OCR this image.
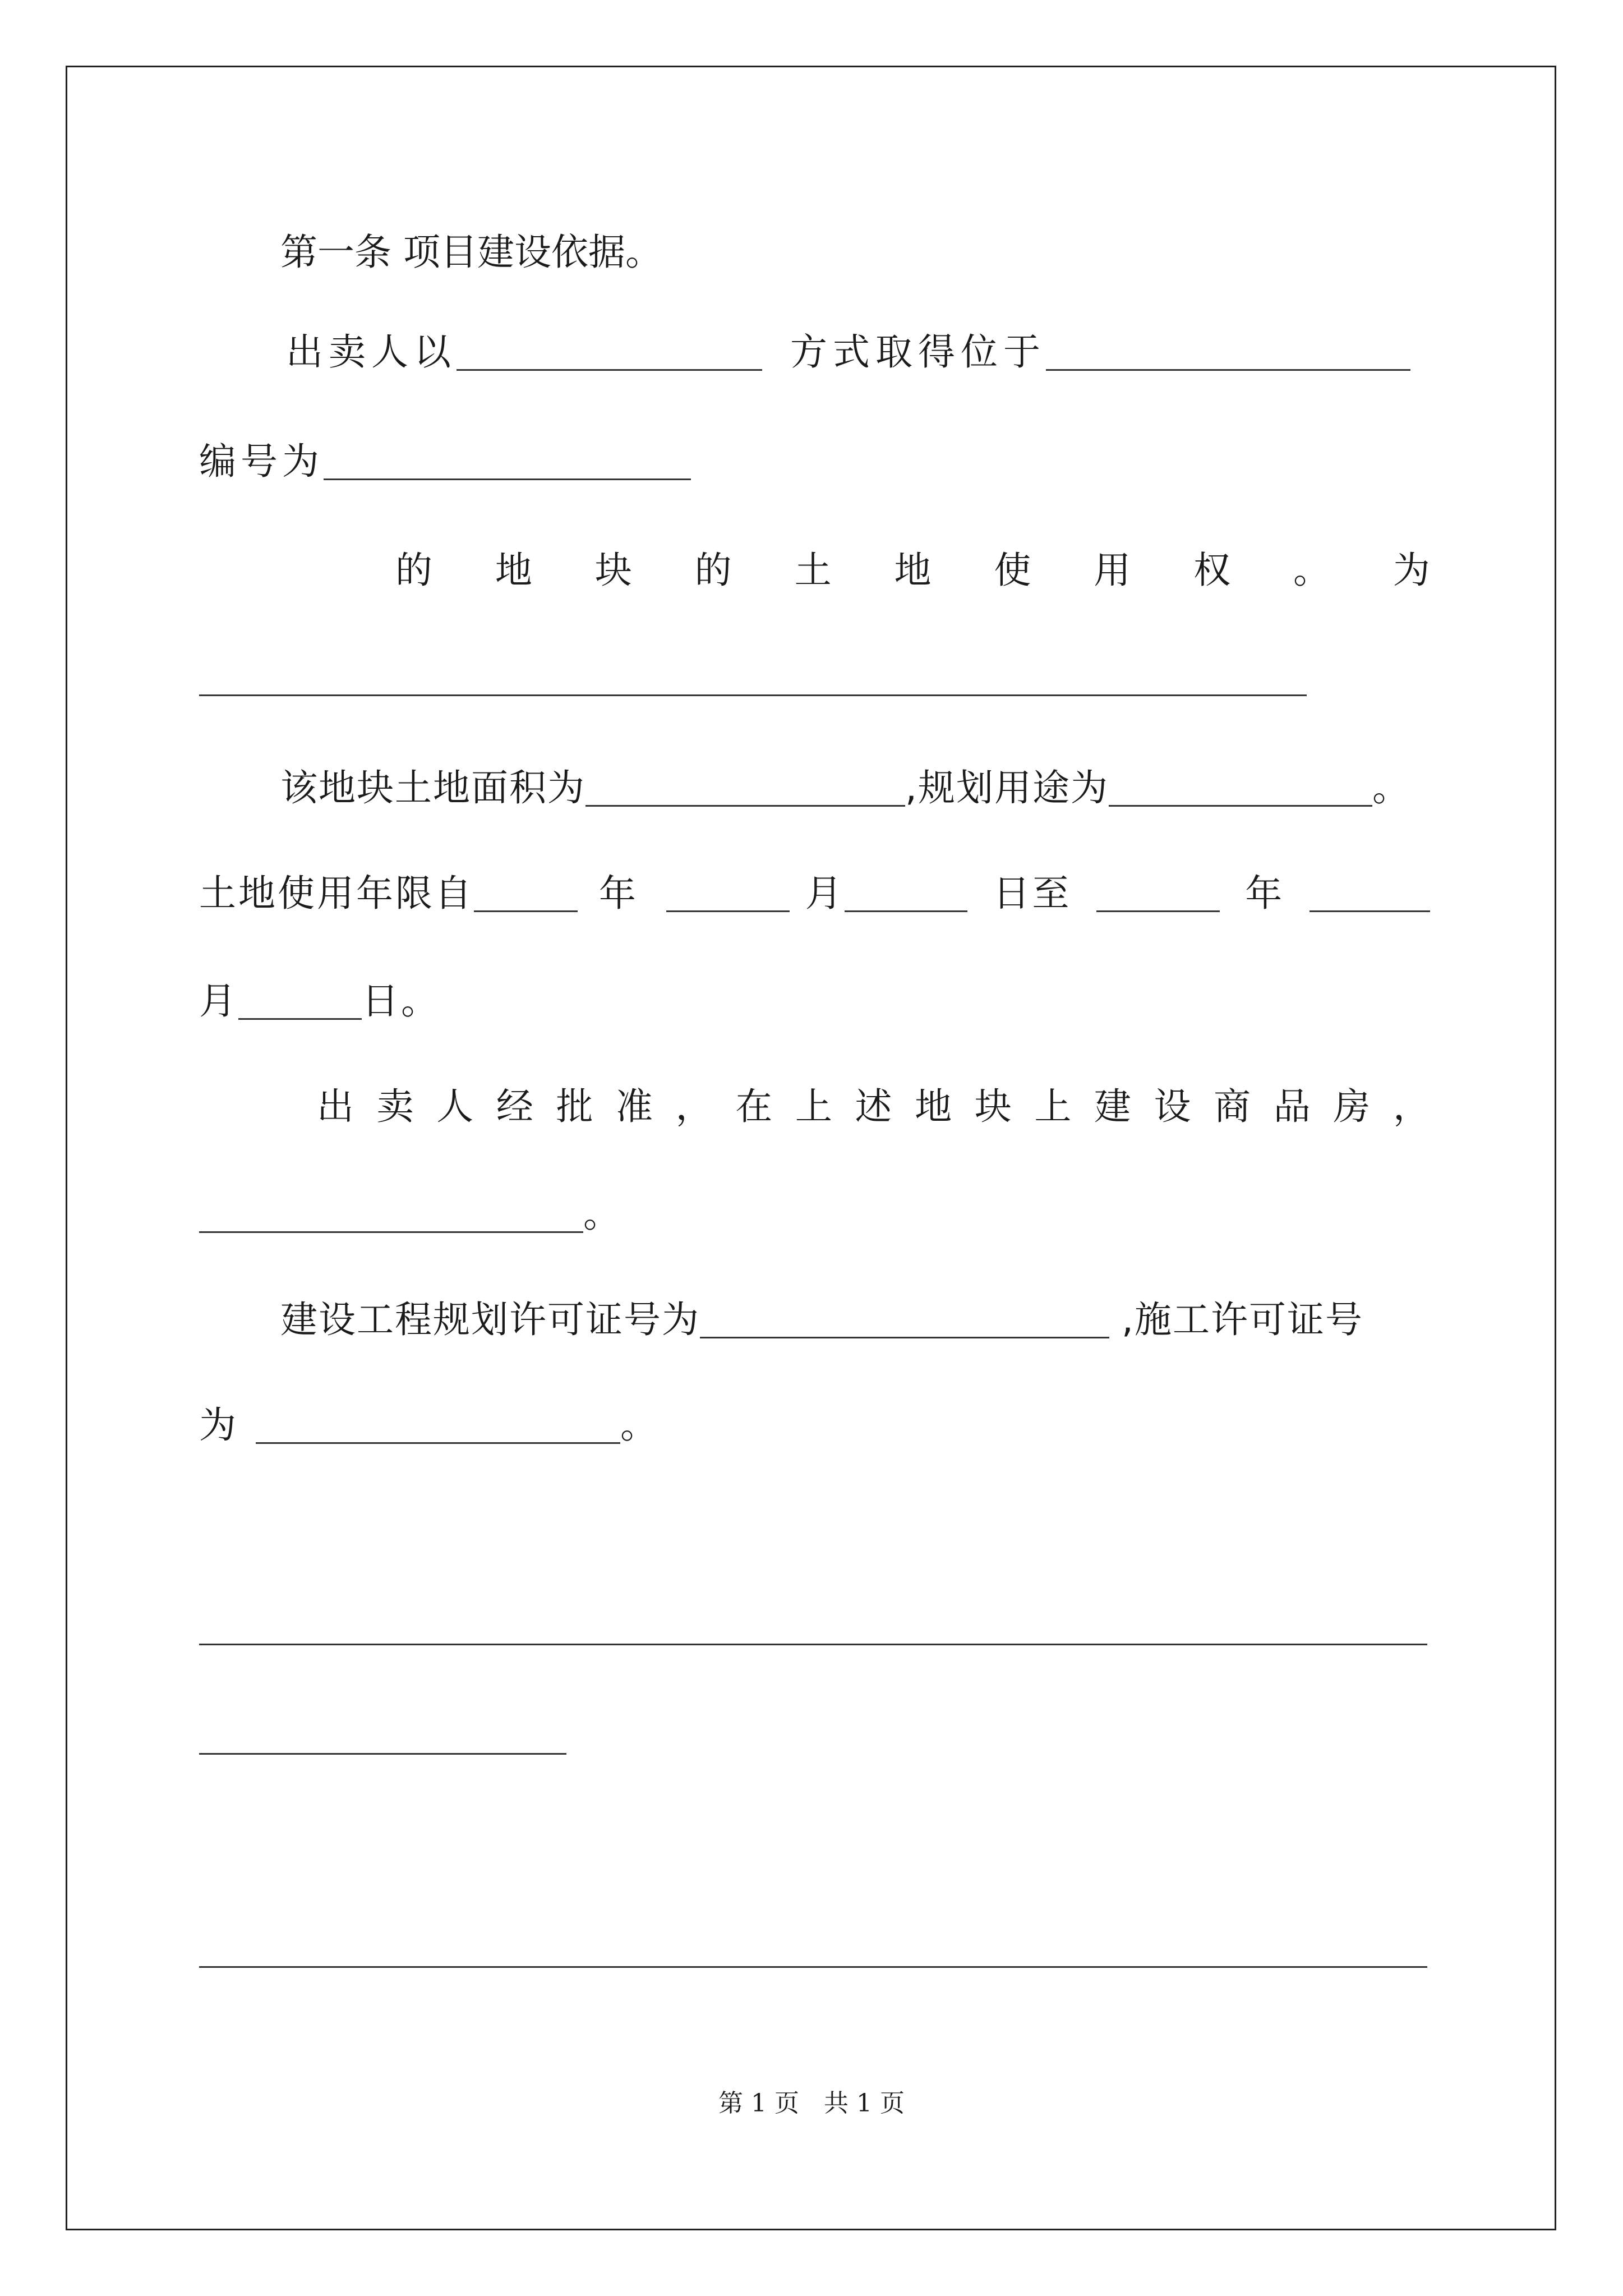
第一条 项目建设依据。
出卖人以	方式取得位于
编号为
的 地 块 的 土 地 使 用 权 。 为
该地块土地面积为	,规划用途为	。
土地使用年限自	年	月	日至	年
月	日。
出 卖 人 经 批 准 ， 在 上 述 地 块 上 建 设 商 品 房 ，
。
建设工程规划许可证号为	,施工许可证号
为	。
第 1 页　共 1 页
